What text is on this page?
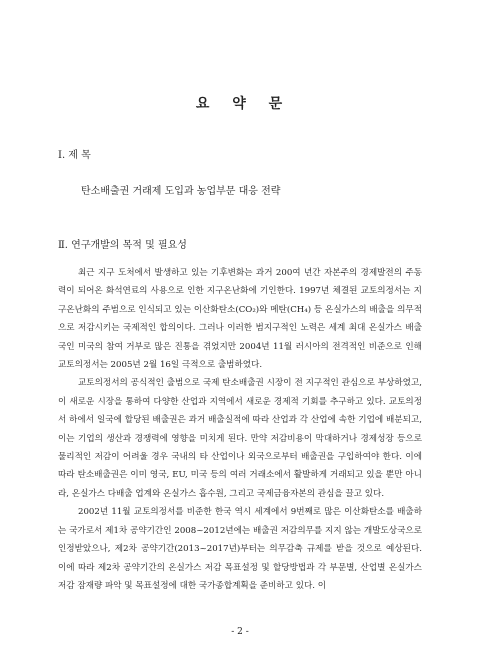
요 약 문

Ⅰ. 제 목

탄소배출권 거래제 도입과 농업부문 대응 전략

Ⅱ. 연구개발의 목적 및 필요성

최근 지구 도처에서 발생하고 있는 기후변화는 과거 200여 년간 자본주의 경제발전의 주동력이 되어온 화석연료의 사용으로 인한 지구온난화에 기인한다. 1997년 체결된 교토의정서는 지구온난화의 주범으로 인식되고 있는 이산화탄소(CO₂)와 메탄(CH₄) 등 온실가스의 배출을 의무적으로 저감시키는 국제적인 합의이다. 그러나 이러한 범지구적인 노력은 세계 최대 온실가스 배출국인 미국의 참여 거부로 많은 진통을 겪었지만 2004년 11월 러시아의 전격적인 비준으로 인해 교토의정서는 2005년 2월 16일 극적으로 출범하였다.

교토의정서의 공식적인 출범으로 국제 탄소배출권 시장이 전 지구적인 관심으로 부상하였고, 이 새로운 시장을 통하여 다양한 산업과 지역에서 새로운 경제적 기회를 추구하고 있다. 교토의정서 하에서 일국에 할당된 배출권은 과거 배출실적에 따라 산업과 각 산업에 속한 기업에 배분되고, 이는 기업의 생산과 경쟁력에 영향을 미치게 된다. 만약 저감비용이 막대하거나 경제성장 등으로 물리적인 저감이 어려울 경우 국내의 타 산업이나 외국으로부터 배출권을 구입하여야 한다. 이에 따라 탄소배출권은 이미 영국, EU, 미국 등의 여러 거래소에서 활발하게 거래되고 있을 뿐만 아니라, 온실가스 다배출 업계와 온실가스 흡수원, 그리고 국제금융자본의 관심을 끌고 있다.

2002년 11월 교토의정서를 비준한 한국 역시 세계에서 9번째로 많은 이산화탄소를 배출하는 국가로서 제1차 공약기간인 2008~2012년에는 배출권 저감의무를 지지 않는 개발도상국으로 인정받았으나, 제2차 공약기간(2013~2017년)부터는 의무감축 규제를 받을 것으로 예상된다. 이에 따라 제2차 공약기간의 온실가스 저감 목표설정 및 할당방법과 각 부문별, 산업별 온실가스 저감 잠재량 파악 및 목표설정에 대한 국가종합계획을 준비하고 있다. 이

- 2 -
